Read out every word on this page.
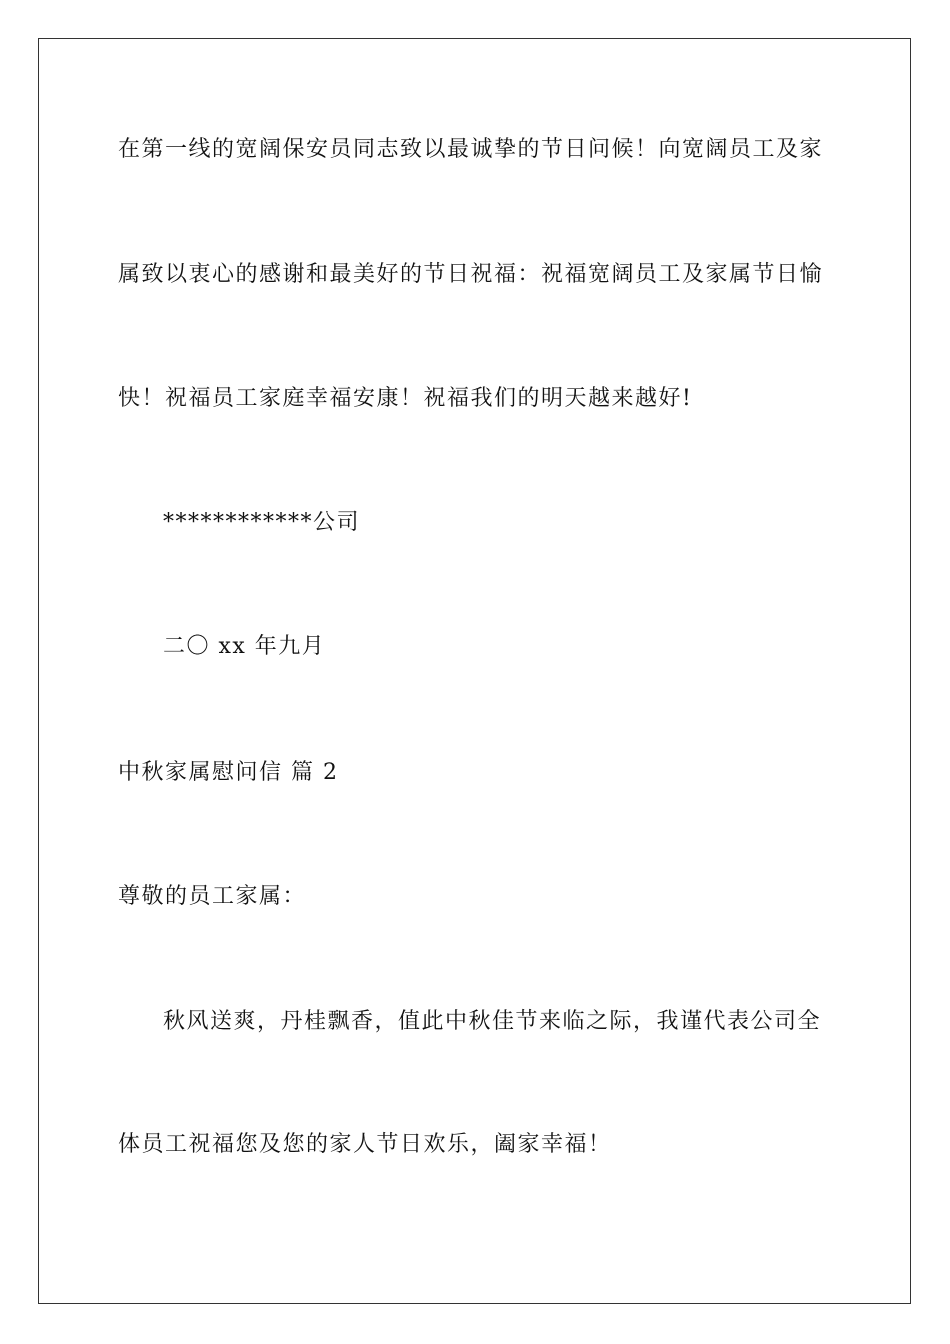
在第一线的宽阔保安员同志致以最诚挚的节日问候！向宽阔员工及家
属致以衷心的感谢和最美好的节日祝福：祝福宽阔员工及家属节日愉
快！祝福员工家庭幸福安康！祝福我们的明天越来越好!
************公司
二〇 xx 年九月
中秋家属慰问信 篇 2
尊敬的员工家属：
秋风送爽，丹桂飘香，值此中秋佳节来临之际，我谨代表公司全
体员工祝福您及您的家人节日欢乐，阖家幸福！
